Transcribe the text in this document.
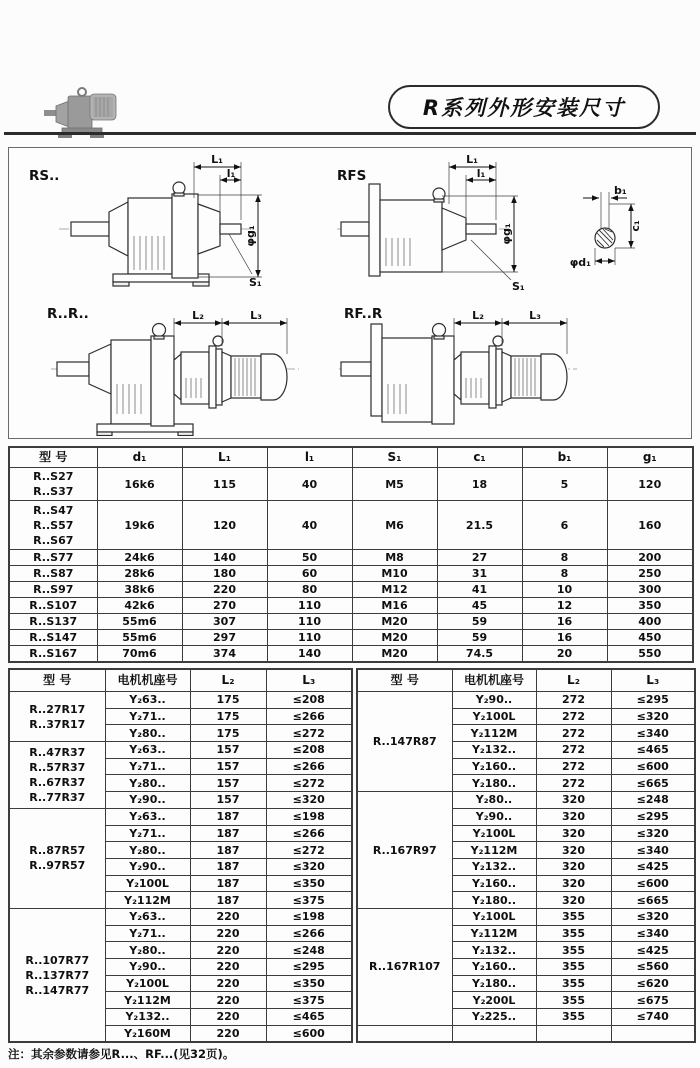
R系列外形安装尺寸
RS..
L₁
l₁
φg₁
S₁
RFS
L₁
l₁
φg₁
S₁
b₁
c₁
φd₁
R..R..	L₂	L₃	RF..R	L₂	L₃
型 号	d₁	L₁	l₁	S₁	c₁	b₁	g₁
R..S27
R..S37	16k6	115	40	M5	18	5	120
R..S47
R..S57
R..S67	19k6	120	40	M6	21.5	6	160
R..S77	24k6	140	50	M8	27	8	200
R..S87	28k6	180	60	M10	31	8	250
R..S97	38k6	220	80	M12	41	10	300
R..S107	42k6	270	110	M16	45	12	350
R..S137	55m6	307	110	M20	59	16	400
R..S147	55m6	297	110	M20	59	16	450
R..S167	70m6	374	140	M20	74.5	20	550
型 号	电机机座号	L₂	L₃
R..27R17
R..37R17	Y₂63..	175	≤208
	Y₂71..	175	≤266
	Y₂80..	175	≤272
R..47R37
R..57R37
R..67R37
R..77R37	Y₂63..	157	≤208
	Y₂71..	157	≤266
	Y₂80..	157	≤272
	Y₂90..	157	≤320
R..87R57
R..97R57	Y₂63..	187	≤198
	Y₂71..	187	≤266
	Y₂80..	187	≤272
	Y₂90..	187	≤320
	Y₂100L	187	≤350
	Y₂112M	187	≤375
R..107R77
R..137R77
R..147R77	Y₂63..	220	≤198
	Y₂71..	220	≤266
	Y₂80..	220	≤248
	Y₂90..	220	≤295
	Y₂100L	220	≤350
	Y₂112M	220	≤375
	Y₂132..	220	≤465
	Y₂160M	220	≤600
型 号	电机机座号	L₂	L₃
R..147R87	Y₂90..	272	≤295
	Y₂100L	272	≤320
	Y₂112M	272	≤340
	Y₂132..	272	≤465
	Y₂160..	272	≤600
	Y₂180..	272	≤665
R..167R97	Y₂80..	320	≤248
	Y₂90..	320	≤295
	Y₂100L	320	≤320
	Y₂112M	320	≤340
	Y₂132..	320	≤425
	Y₂160..	320	≤600
	Y₂180..	320	≤665
R..167R107	Y₂100L	355	≤320
	Y₂112M	355	≤340
	Y₂132..	355	≤425
	Y₂160..	355	≤560
	Y₂180..	355	≤620
	Y₂200L	355	≤675
	Y₂225..	355	≤740

注：其余参数请参见R...、RF...(见32页)。
